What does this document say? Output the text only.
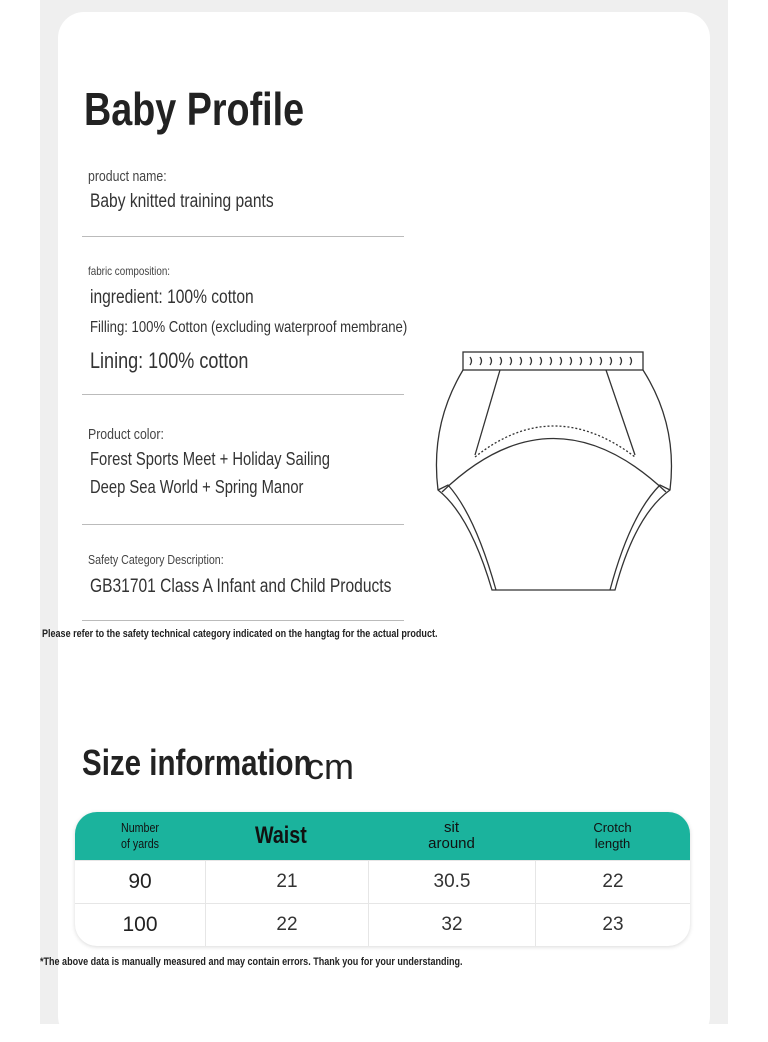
Baby Profile
product name:
Baby knitted training pants
fabric composition:
ingredient: 100% cotton
Filling: 100% Cotton (excluding waterproof membrane)
Lining: 100% cotton
Product color:
Forest Sports Meet + Holiday Sailing
Deep Sea World + Spring Manor
Safety Category Description:
GB31701 Class A Infant and Child Products
Please refer to the safety technical category indicated on the hangtag for the actual product.
Size information
cm
Number of yards	Waist	sit around	Crotch length
90	21	30.5	22
100	22	32	23
*The above data is manually measured and may contain errors. Thank you for your understanding.
